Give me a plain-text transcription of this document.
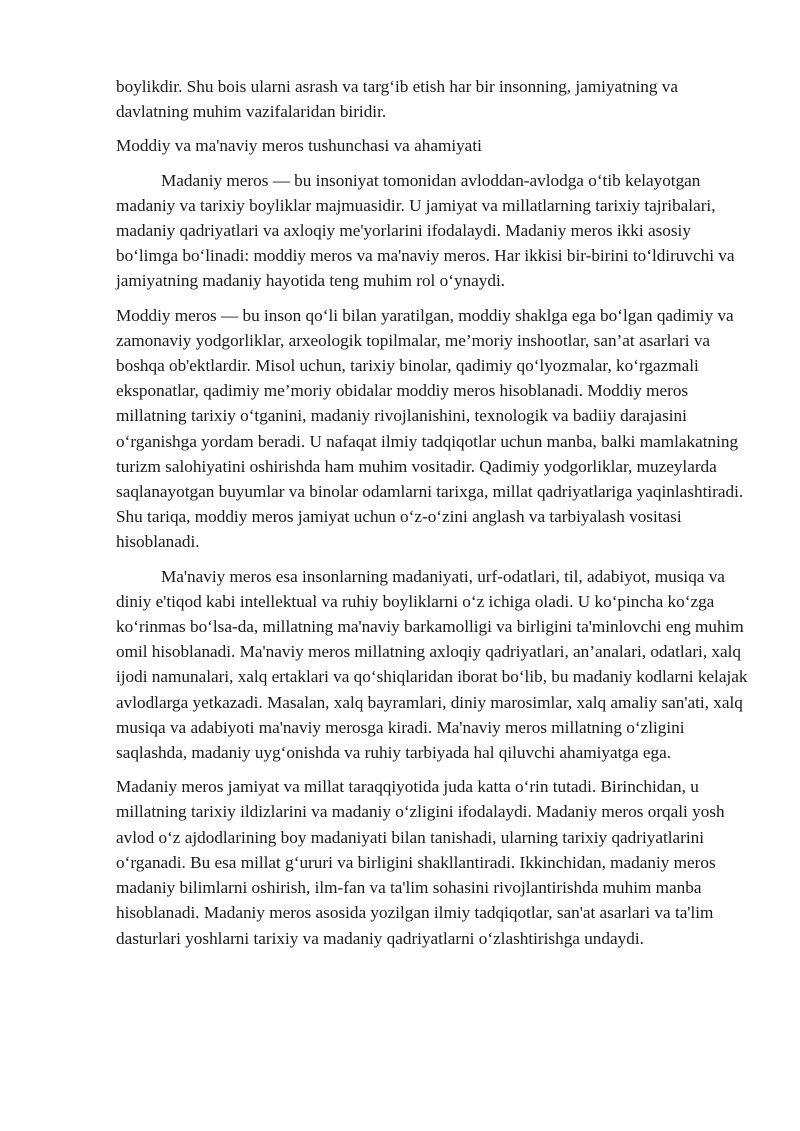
boylikdir. Shu bois ularni asrash va targ‘ib etish har bir insonning, jamiyatning va davlatning muhim vazifalaridan biridir.

Moddiy va ma'naviy meros tushunchasi va ahamiyati

Madaniy meros — bu insoniyat tomonidan avloddan-avlodga o‘tib kelayotgan madaniy va tarixiy boyliklar majmuasidir. U jamiyat va millatlarning tarixiy tajribalari, madaniy qadriyatlari va axloqiy me'yorlarini ifodalaydi. Madaniy meros ikki asosiy bo‘limga bo‘linadi: moddiy meros va ma'naviy meros. Har ikkisi bir-birini to‘ldiruvchi va jamiyatning madaniy hayotida teng muhim rol o‘ynaydi.

Moddiy meros — bu inson qo‘li bilan yaratilgan, moddiy shaklga ega bo‘lgan qadimiy va zamonaviy yodgorliklar, arxeologik topilmalar, me’moriy inshootlar, san’at asarlari va boshqa ob'ektlardir. Misol uchun, tarixiy binolar, qadimiy qo‘lyozmalar, ko‘rgazmali eksponatlar, qadimiy me’moriy obidalar moddiy meros hisoblanadi. Moddiy meros millatning tarixiy o‘tganini, madaniy rivojlanishini, texnologik va badiiy darajasini o‘rganishga yordam beradi. U nafaqat ilmiy tadqiqotlar uchun manba, balki mamlakatning turizm salohiyatini oshirishda ham muhim vositadir. Qadimiy yodgorliklar, muzeylarda saqlanayotgan buyumlar va binolar odamlarni tarixga, millat qadriyatlariga yaqinlashtiradi. Shu tariqa, moddiy meros jamiyat uchun o‘z-o‘zini anglash va tarbiyalash vositasi hisoblanadi.

Ma'naviy meros esa insonlarning madaniyati, urf-odatlari, til, adabiyot, musiqa va diniy e'tiqod kabi intellektual va ruhiy boyliklarni o‘z ichiga oladi. U ko‘pincha ko‘zga ko‘rinmas bo‘lsa-da, millatning ma'naviy barkamolligi va birligini ta'minlovchi eng muhim omil hisoblanadi. Ma'naviy meros millatning axloqiy qadriyatlari, an’analari, odatlari, xalq ijodi namunalari, xalq ertaklari va qo‘shiqlaridan iborat bo‘lib, bu madaniy kodlarni kelajak avlodlarga yetkazadi. Masalan, xalq bayramlari, diniy marosimlar, xalq amaliy san'ati, xalq musiqa va adabiyoti ma'naviy merosga kiradi. Ma'naviy meros millatning o‘zligini saqlashda, madaniy uyg‘onishda va ruhiy tarbiyada hal qiluvchi ahamiyatga ega.

Madaniy meros jamiyat va millat taraqqiyotida juda katta o‘rin tutadi. Birinchidan, u millatning tarixiy ildizlarini va madaniy o‘zligini ifodalaydi. Madaniy meros orqali yosh avlod o‘z ajdodlarining boy madaniyati bilan tanishadi, ularning tarixiy qadriyatlarini o‘rganadi. Bu esa millat g‘ururi va birligini shakllantiradi. Ikkinchidan, madaniy meros madaniy bilimlarni oshirish, ilm-fan va ta'lim sohasini rivojlantirishda muhim manba hisoblanadi. Madaniy meros asosida yozilgan ilmiy tadqiqotlar, san'at asarlari va ta'lim dasturlari yoshlarni tarixiy va madaniy qadriyatlarni o‘zlashtirishga undaydi.
